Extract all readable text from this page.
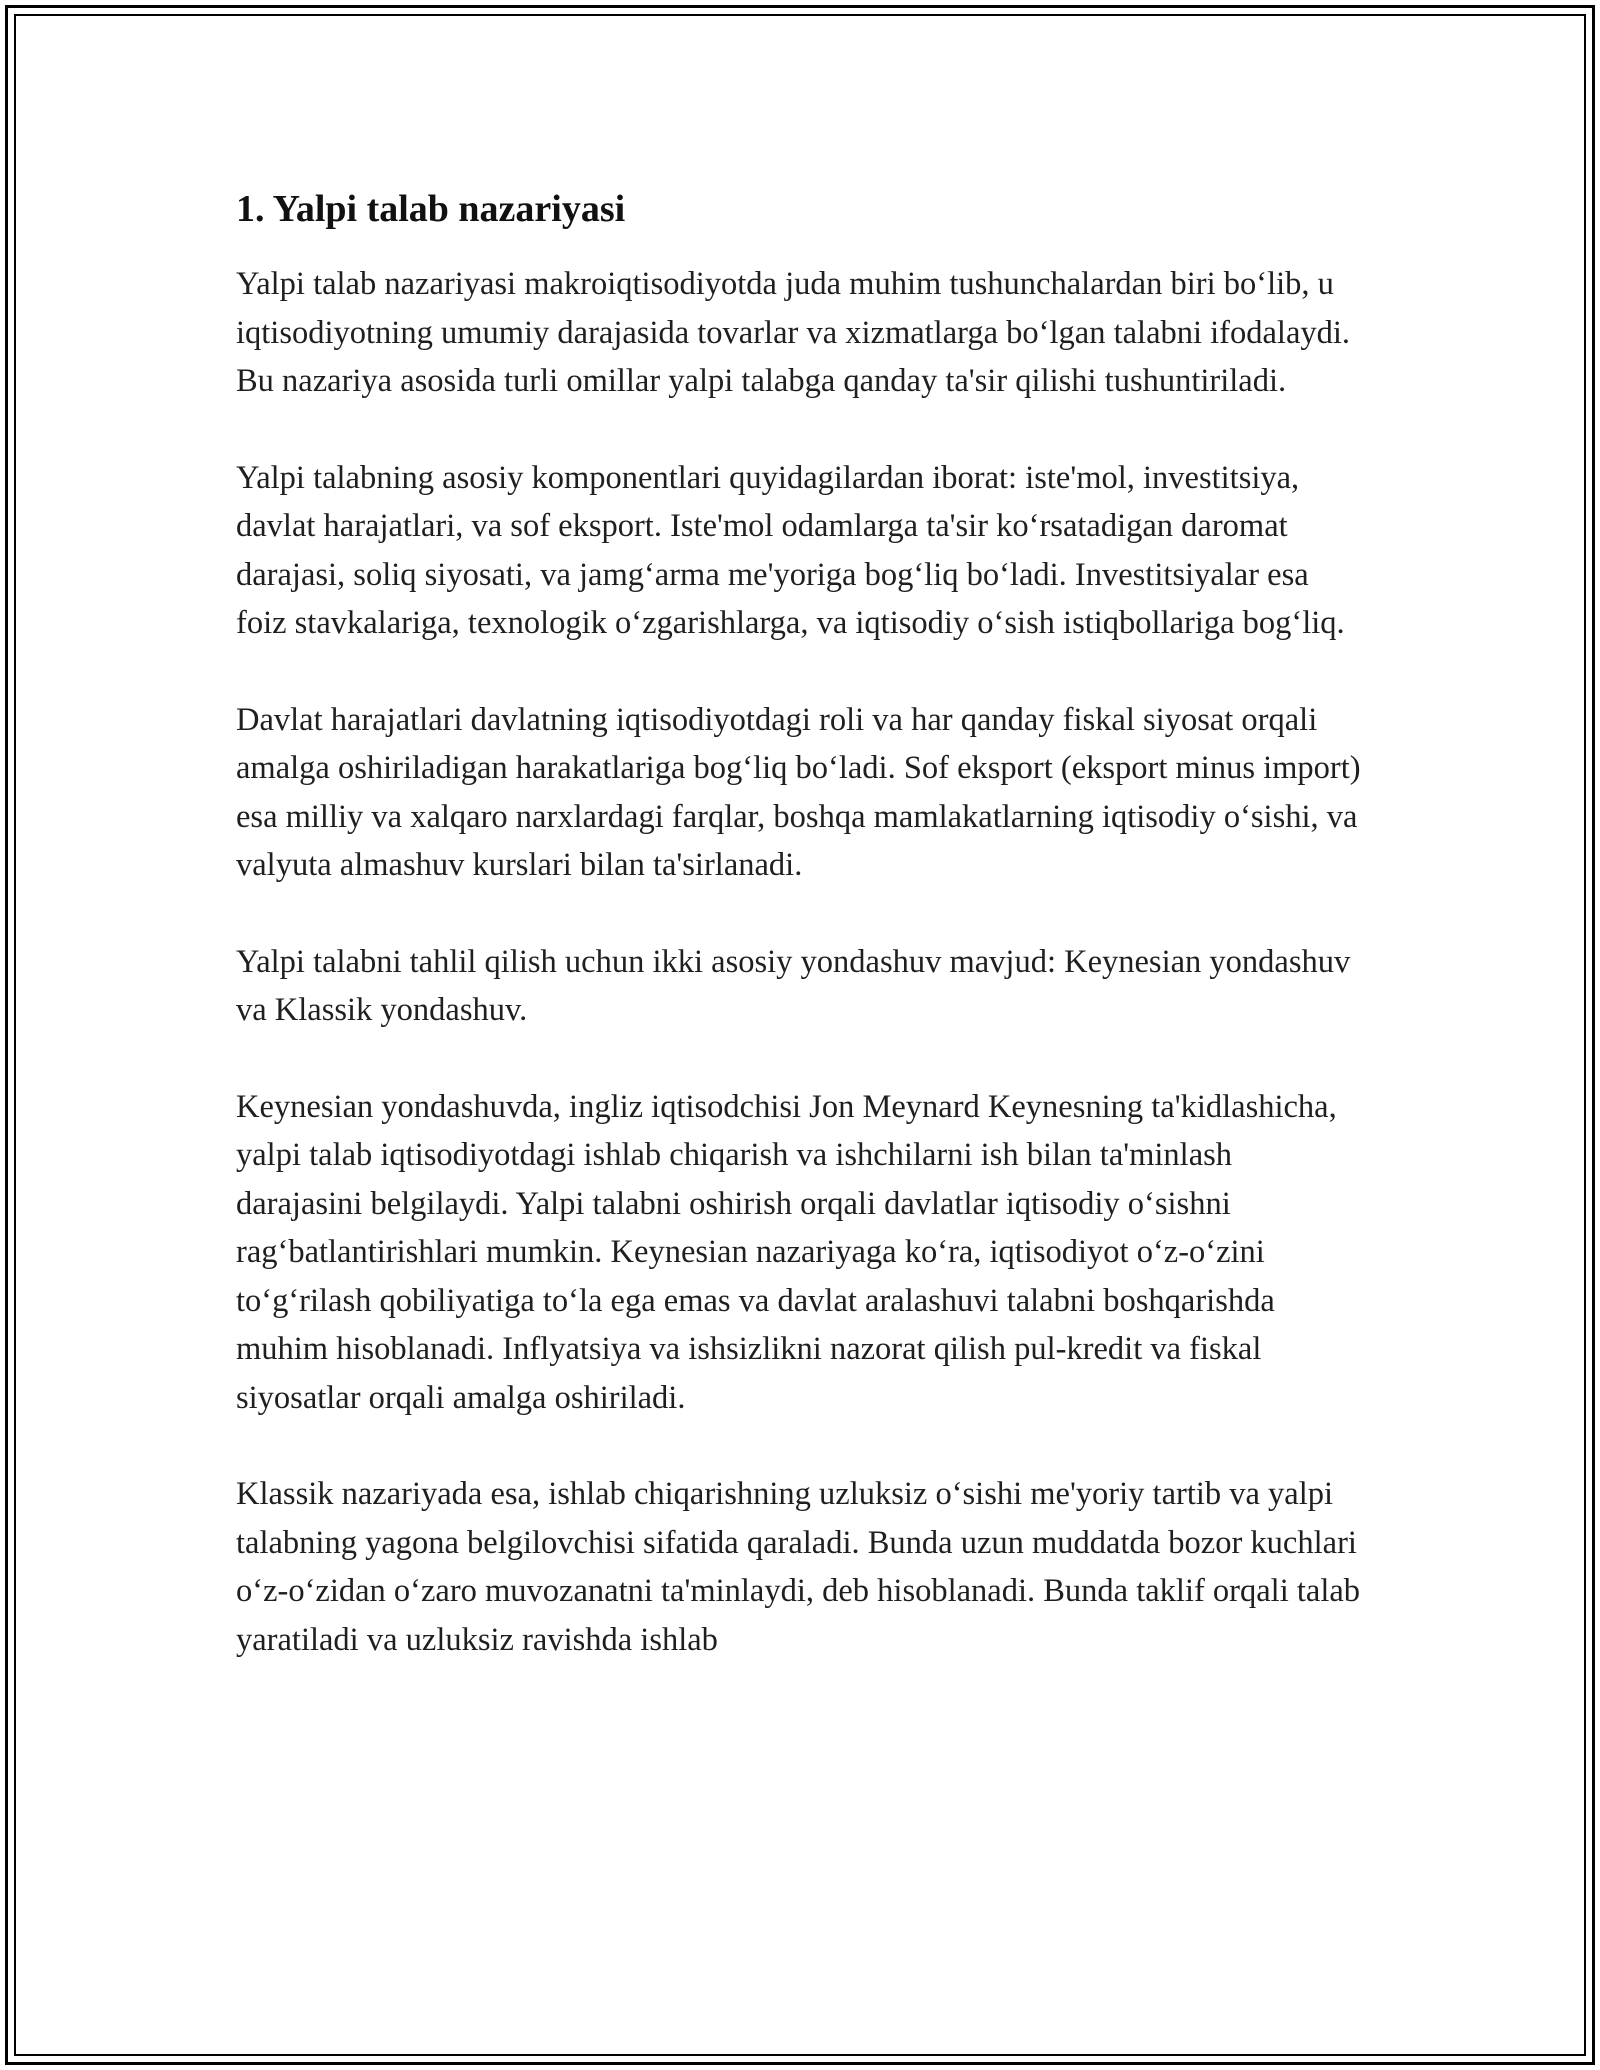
1. Yalpi talab nazariyasi

Yalpi talab nazariyasi makroiqtisodiyotda juda muhim tushunchalardan biri bo‘lib, u iqtisodiyotning umumiy darajasida tovarlar va xizmatlarga bo‘lgan talabni ifodalaydi. Bu nazariya asosida turli omillar yalpi talabga qanday ta'sir qilishi tushuntiriladi.

Yalpi talabning asosiy komponentlari quyidagilardan iborat: iste'mol, investitsiya, davlat harajatlari, va sof eksport. Iste'mol odamlarga ta'sir ko‘rsatadigan daromat darajasi, soliq siyosati, va jamg‘arma me'yoriga bog‘liq bo‘ladi. Investitsiyalar esa foiz stavkalariga, texnologik o‘zgarishlarga, va iqtisodiy o‘sish istiqbollariga bog‘liq.

Davlat harajatlari davlatning iqtisodiyotdagi roli va har qanday fiskal siyosat orqali amalga oshiriladigan harakatlariga bog‘liq bo‘ladi. Sof eksport (eksport minus import) esa milliy va xalqaro narxlardagi farqlar, boshqa mamlakatlarning iqtisodiy o‘sishi, va valyuta almashuv kurslari bilan ta'sirlanadi.

Yalpi talabni tahlil qilish uchun ikki asosiy yondashuv mavjud: Keynesian yondashuv va Klassik yondashuv.

Keynesian yondashuvda, ingliz iqtisodchisi Jon Meynard Keynesning ta'kidlashicha, yalpi talab iqtisodiyotdagi ishlab chiqarish va ishchilarni ish bilan ta'minlash darajasini belgilaydi. Yalpi talabni oshirish orqali davlatlar iqtisodiy o‘sishni rag‘batlantirishlari mumkin. Keynesian nazariyaga ko‘ra, iqtisodiyot o‘z-o‘zini to‘g‘rilash qobiliyatiga to‘la ega emas va davlat aralashuvi talabni boshqarishda muhim hisoblanadi. Inflyatsiya va ishsizlikni nazorat qilish pul-kredit va fiskal siyosatlar orqali amalga oshiriladi.

Klassik nazariyada esa, ishlab chiqarishning uzluksiz o‘sishi me'yoriy tartib va yalpi talabning yagona belgilovchisi sifatida qaraladi. Bunda uzun muddatda bozor kuchlari o‘z-o‘zidan o‘zaro muvozanatni ta'minlaydi, deb hisoblanadi. Bunda taklif orqali talab yaratiladi va uzluksiz ravishda ishlab
